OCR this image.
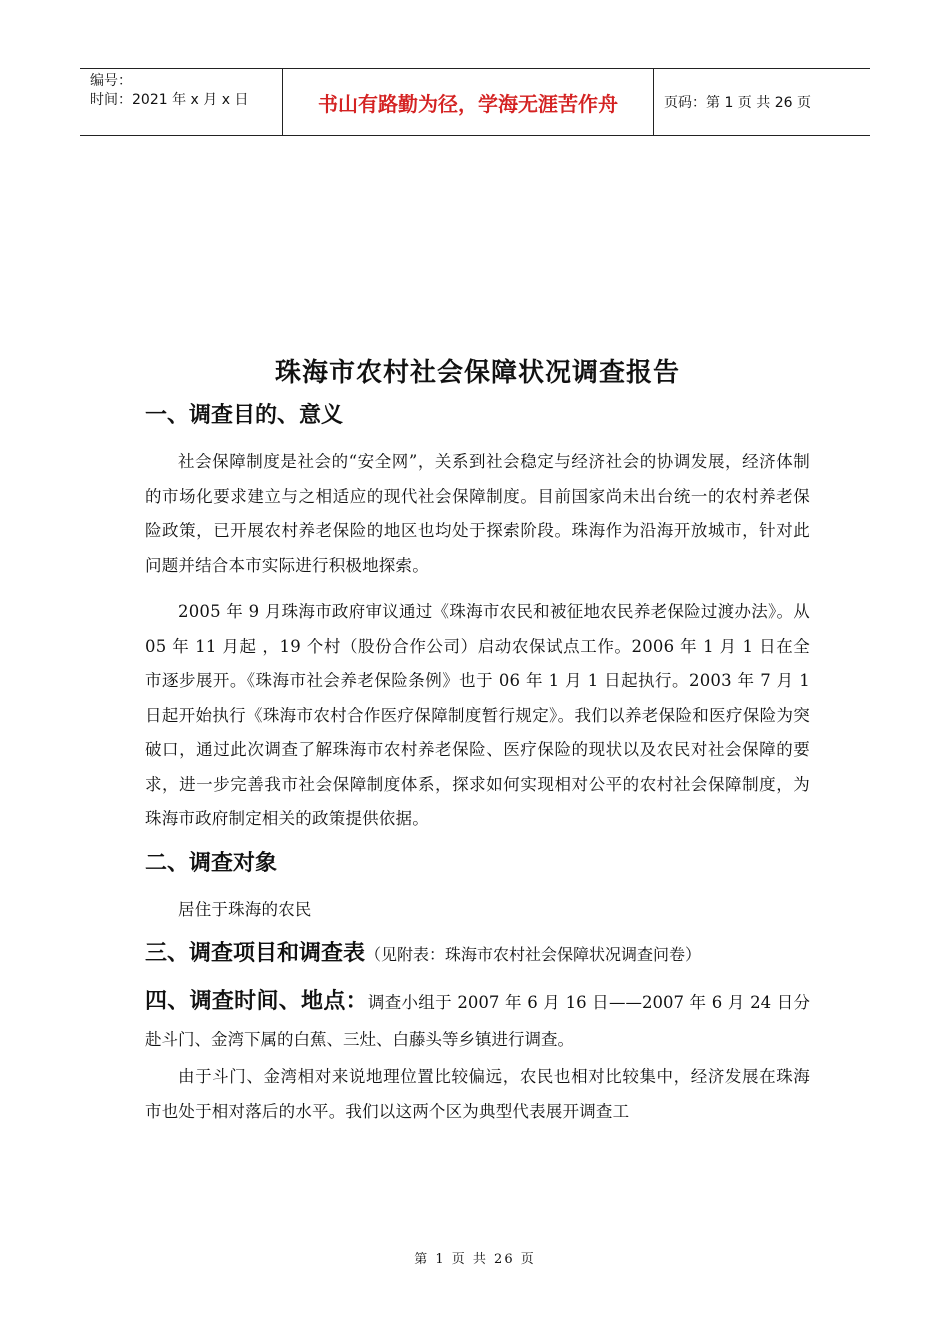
编号：
时间：2021 年 x 月 x 日	书山有路勤为径，学海无涯苦作舟	页码：第 1 页 共 26 页
珠海市农村社会保障状况调查报告
一、调查目的、意义

社会保障制度是社会的“安全网”，关系到社会稳定与经济社会的协调发展，经济体制的市场化要求建立与之相适应的现代社会保障制度。目前国家尚未出台统一的农村养老保险政策，已开展农村养老保险的地区也均处于探索阶段。珠海作为沿海开放城市，针对此问题并结合本市实际进行积极地探索。

2005 年 9 月珠海市政府审议通过《珠海市农民和被征地农民养老保险过渡办法》。从 05 年 11 月起 ，19 个村（股份合作公司）启动农保试点工作。2006 年 1 月 1 日在全市逐步展开。《珠海市社会养老保险条例》也于 06 年 1 月 1 日起执行。2003 年 7 月 1 日起开始执行《珠海市农村合作医疗保障制度暂行规定》。我们以养老保险和医疗保险为突破口，通过此次调查了解珠海市农村养老保险、医疗保险的现状以及农民对社会保障的要求，进一步完善我市社会保障制度体系，探求如何实现相对公平的农村社会保障制度，为珠海市政府制定相关的政策提供依据。

二、调查对象

居住于珠海的农民

三、调查项目和调查表（见附表：珠海市农村社会保障状况调查问卷）
四、调查时间、地点：调查小组于 2007 年 6 月 16 日——2007 年 6 月 24 日分赴斗门、金湾下属的白蕉、三灶、白藤头等乡镇进行调查。

由于斗门、金湾相对来说地理位置比较偏远，农民也相对比较集中，经济发展在珠海市也处于相对落后的水平。我们以这两个区为典型代表展开调查工

第 1 页 共 26 页
